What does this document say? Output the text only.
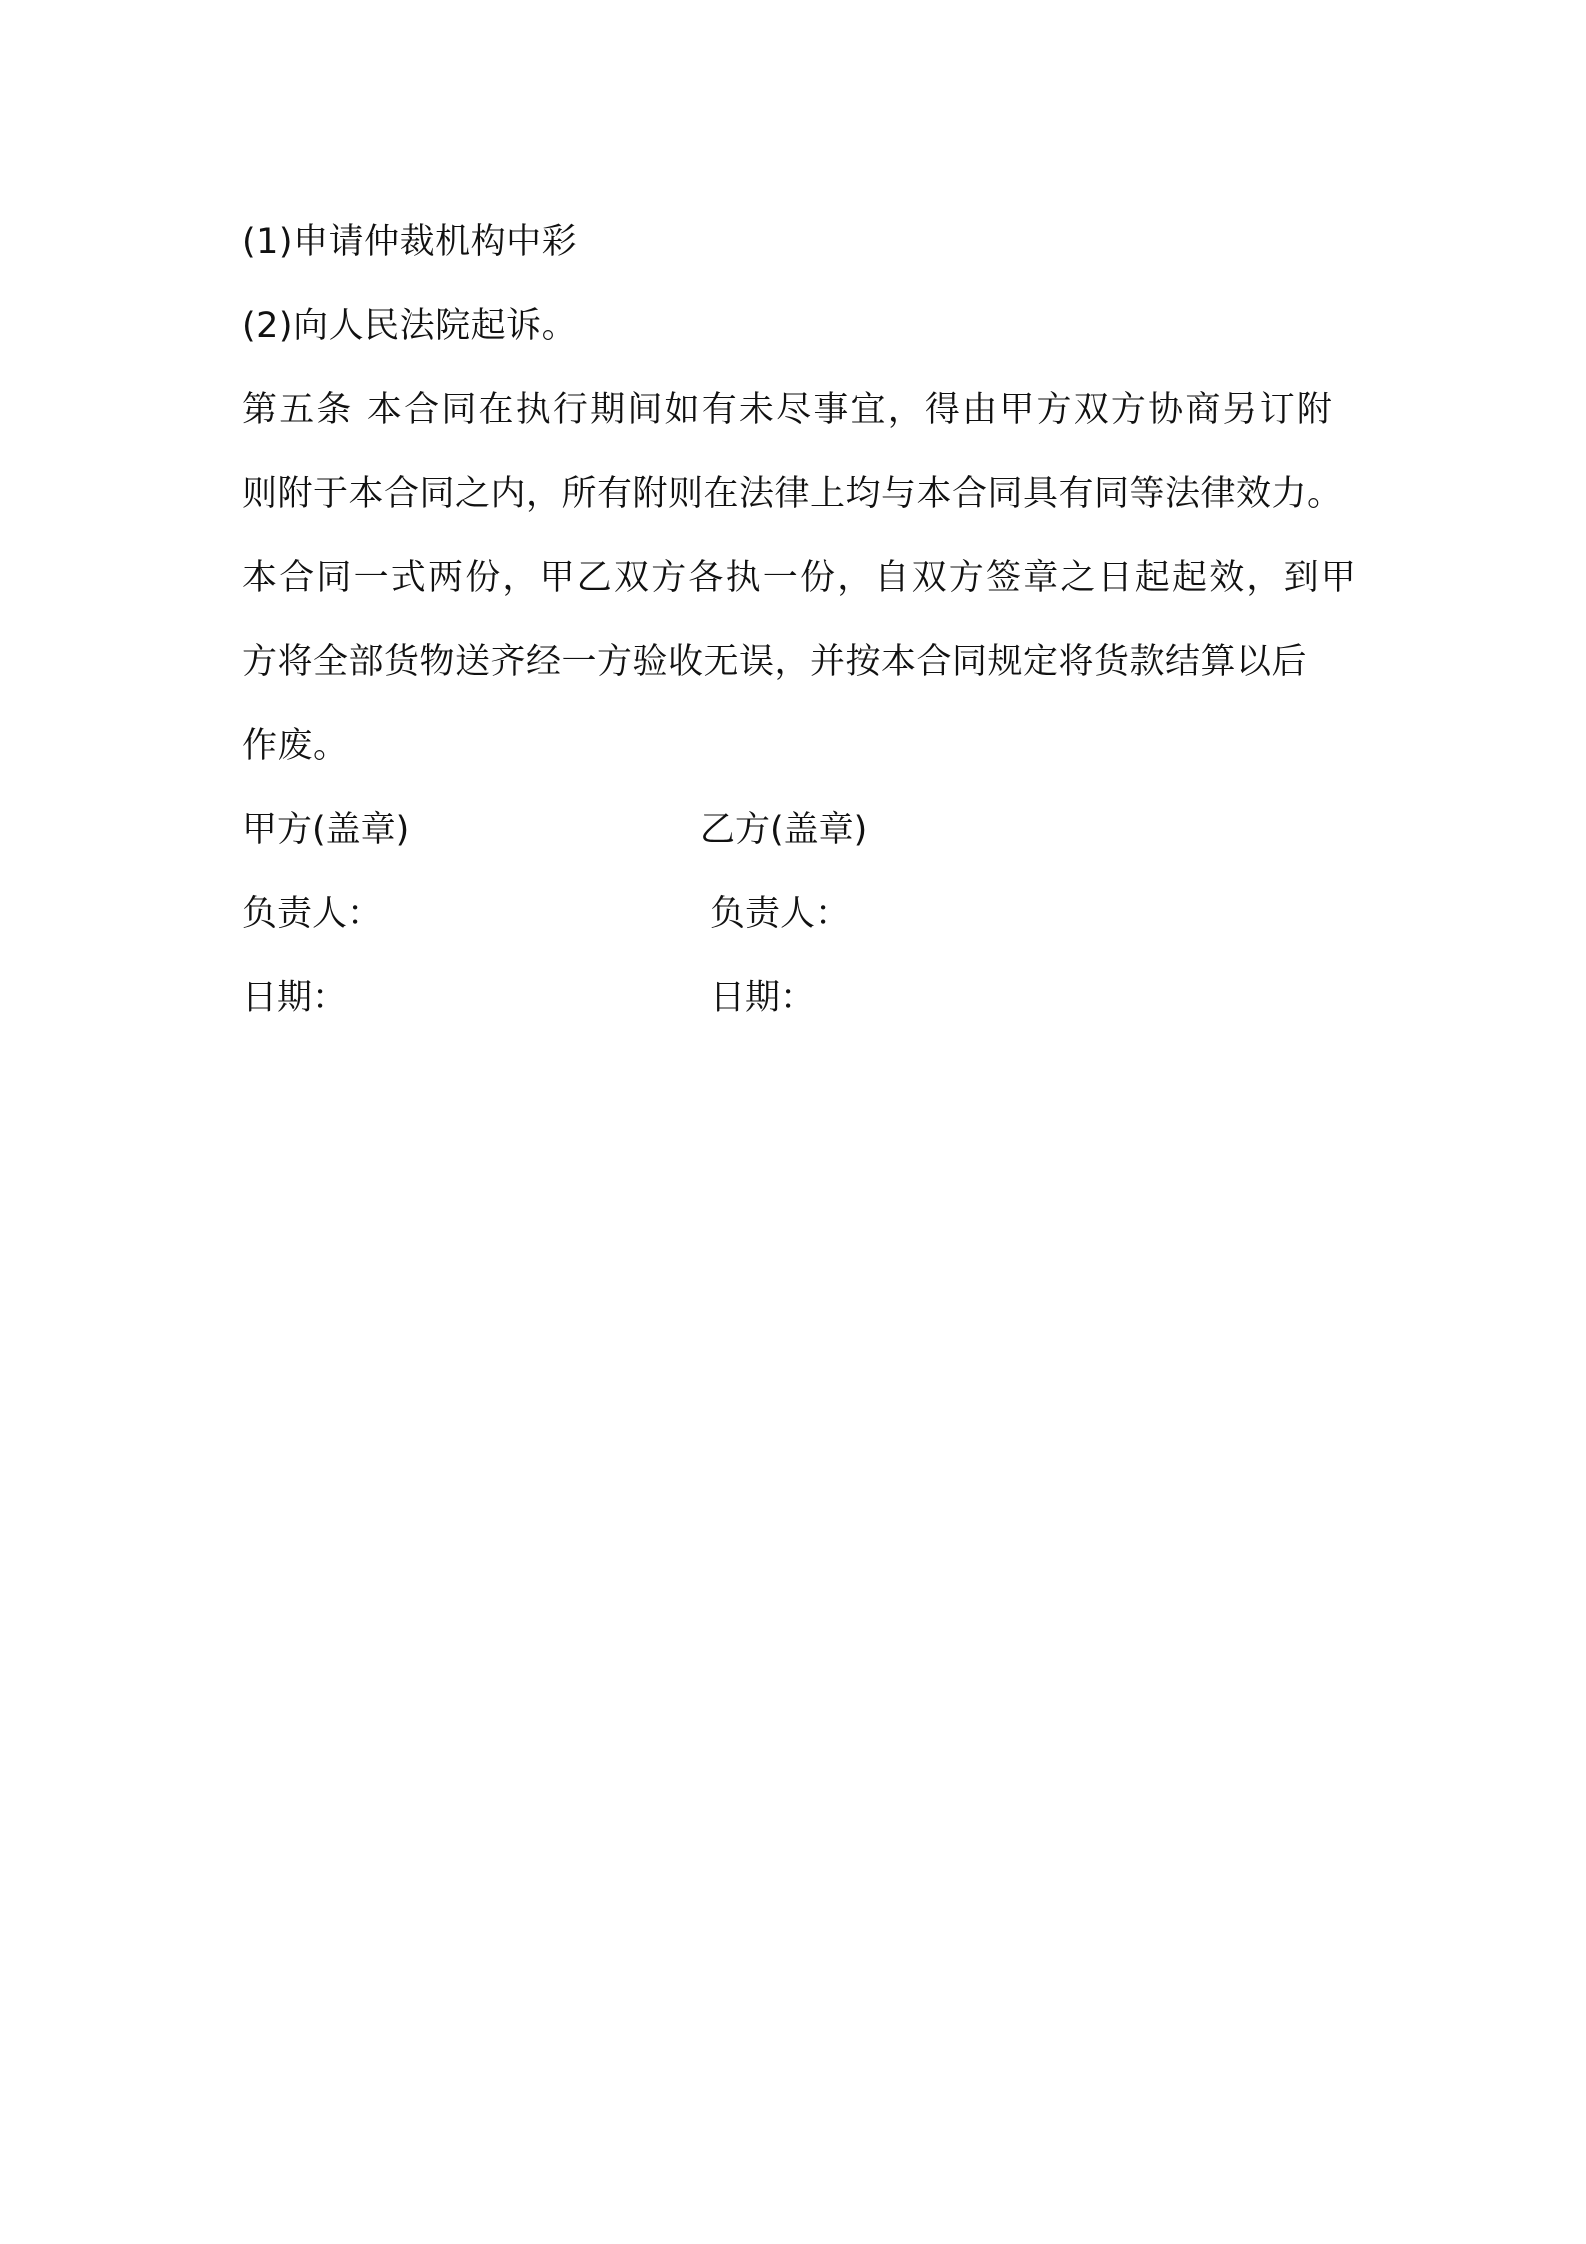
(1)申请仲裁机构中彩
(2)向人民法院起诉。
第五条 本合同在执行期间如有未尽事宜，得由甲方双方协商另订附
则附于本合同之内，所有附则在法律上均与本合同具有同等法律效力。
本合同一式两份，甲乙双方各执一份，自双方签章之日起起效，到甲
方将全部货物送齐经一方验收无误，并按本合同规定将货款结算以后
作废。
甲方(盖章)	乙方(盖章)
负责人：	负责人：
日期：	日期：
